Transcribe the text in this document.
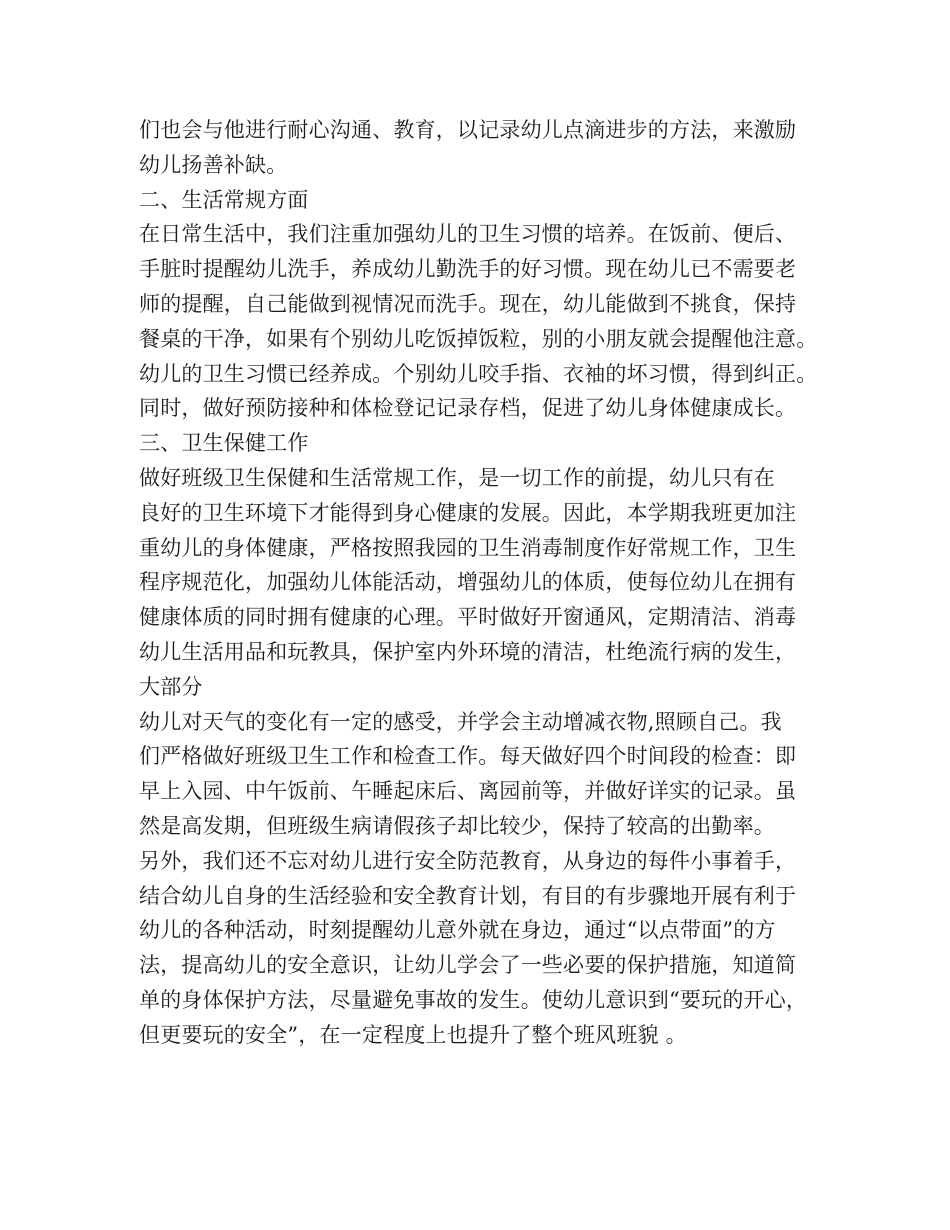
们也会与他进行耐心沟通、教育，以记录幼儿点滴进步的方法，来激励
幼儿扬善补缺。
二、生活常规方面
在日常生活中，我们注重加强幼儿的卫生习惯的培养。在饭前、便后、
手脏时提醒幼儿洗手，养成幼儿勤洗手的好习惯。现在幼儿已不需要老
师的提醒，自己能做到视情况而洗手。现在，幼儿能做到不挑食，保持
餐桌的干净，如果有个别幼儿吃饭掉饭粒，别的小朋友就会提醒他注意。
幼儿的卫生习惯已经养成。个别幼儿咬手指、衣袖的坏习惯，得到纠正。
同时，做好预防接种和体检登记记录存档，促进了幼儿身体健康成长。
三、卫生保健工作
做好班级卫生保健和生活常规工作，是一切工作的前提，幼儿只有在
良好的卫生环境下才能得到身心健康的发展。因此，本学期我班更加注
重幼儿的身体健康，严格按照我园的卫生消毒制度作好常规工作，卫生
程序规范化，加强幼儿体能活动，增强幼儿的体质，使每位幼儿在拥有
健康体质的同时拥有健康的心理。平时做好开窗通风，定期清洁、消毒
幼儿生活用品和玩教具，保护室内外环境的清洁，杜绝流行病的发生，
大部分
幼儿对天气的变化有一定的感受，并学会主动增减衣物,照顾自己。我
们严格做好班级卫生工作和检查工作。每天做好四个时间段的检查：即
早上入园、中午饭前、午睡起床后、离园前等，并做好详实的记录。虽
然是高发期，但班级生病请假孩子却比较少，保持了较高的出勤率。
另外，我们还不忘对幼儿进行安全防范教育，从身边的每件小事着手，
结合幼儿自身的生活经验和安全教育计划，有目的有步骤地开展有利于
幼儿的各种活动，时刻提醒幼儿意外就在身边，通过“以点带面”的方
法，提高幼儿的安全意识，让幼儿学会了一些必要的保护措施，知道简
单的身体保护方法，尽量避免事故的发生。使幼儿意识到“要玩的开心，
但更要玩的安全”，在一定程度上也提升了整个班风班貌 。
